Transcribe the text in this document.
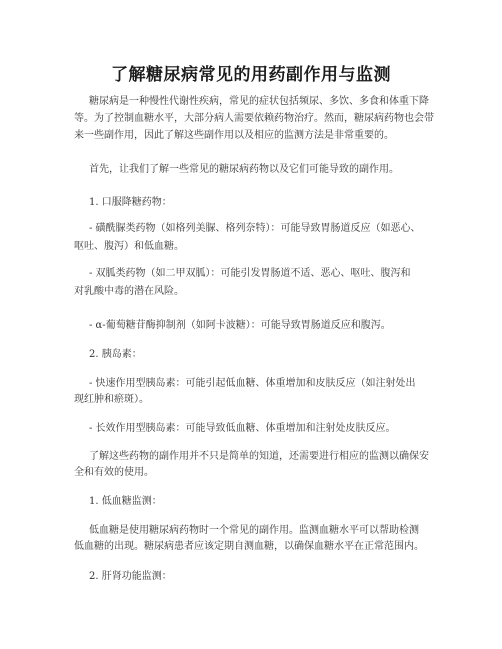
了解糖尿病常见的用药副作用与监测
糖尿病是一种慢性代谢性疾病，常见的症状包括频尿、多饮、多食和体重下降
等。为了控制血糖水平，大部分病人需要依赖药物治疗。然而，糖尿病药物也会带
来一些副作用，因此了解这些副作用以及相应的监测方法是非常重要的。
首先，让我们了解一些常见的糖尿病药物以及它们可能导致的副作用。
1. 口服降糖药物：
- 磺酰脲类药物（如格列美脲、格列奈特）：可能导致胃肠道反应（如恶心、
呕吐、腹泻）和低血糖。
- 双胍类药物（如二甲双胍）：可能引发胃肠道不适、恶心、呕吐、腹泻和
对乳酸中毒的潜在风险。
- α-葡萄糖苷酶抑制剂（如阿卡波糖）：可能导致胃肠道反应和腹泻。
2. 胰岛素：
- 快速作用型胰岛素：可能引起低血糖、体重增加和皮肤反应（如注射处出
现红肿和瘀斑）。
- 长效作用型胰岛素：可能导致低血糖、体重增加和注射处皮肤反应。
了解这些药物的副作用并不只是简单的知道，还需要进行相应的监测以确保安
全和有效的使用。
1. 低血糖监测：
低血糖是使用糖尿病药物时一个常见的副作用。监测血糖水平可以帮助检测
低血糖的出现。糖尿病患者应该定期自测血糖，以确保血糖水平在正常范围内。
2. 肝肾功能监测：
